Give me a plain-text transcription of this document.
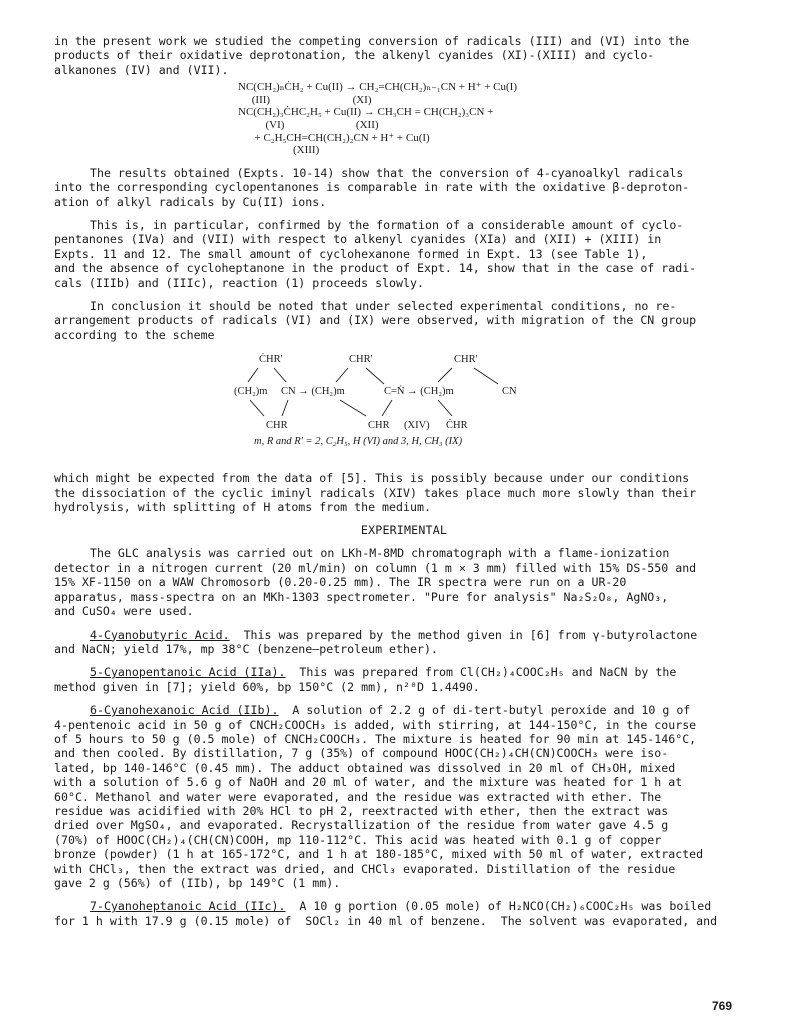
in the present work we studied the competing conversion of radicals (III) and (VI) into the
products of their oxidative deprotonation, the alkenyl cyanides (XI)-(XIII) and cyclo-
alkanones (IV) and (VII).

NC(CH₂)ₙĊH₂ + Cu(II) → CH₂=CH(CH₂)ₙ₋₁CN + H⁺ + Cu(I)
(III)                              (XI)
NC(CH₂)₃ĊHC₂H₅ + Cu(II) → CH₃CH = CH(CH₂)₃CN +
(VI)                          (XII)
+ C₂H₅CH=CH(CH₂)₂CN + H⁺ + Cu(I)
(XIII)

The results obtained (Expts. 10-14) show that the conversion of 4-cyanoalkyl radicals
into the corresponding cyclopentanones is comparable in rate with the oxidative β-deproton-
ation of alkyl radicals by Cu(II) ions.

This is, in particular, confirmed by the formation of a considerable amount of cyclo-
pentanones (IVa) and (VII) with respect to alkenyl cyanides (XIa) and (XII) + (XIII) in
Expts. 11 and 12. The small amount of cyclohexanone formed in Expt. 13 (see Table 1),
and the absence of cycloheptanone in the product of Expt. 14, show that in the case of radi-
cals (IIIb) and (IIIc), reaction (1) proceeds slowly.

In conclusion it should be noted that under selected experimental conditions, no re-
arrangement products of radicals (VI) and (IX) were observed, with migration of the CN group
according to the scheme

ĊHR'
(CH₂)m CN → (CH₂)m
CHR
CHR'
C=Ṅ → (CH₂)m
CHR (XIV)
CHR'
CN
ĊHR
m, R and R' = 2, C₂H₅, H (VI) and 3, H, CH₃ (IX)

which might be expected from the data of [5]. This is possibly because under our conditions
the dissociation of the cyclic iminyl radicals (XIV) takes place much more slowly than their
hydrolysis, with splitting of H atoms from the medium.

EXPERIMENTAL

The GLC analysis was carried out on LKh-M-8MD chromatograph with a flame-ionization
detector in a nitrogen current (20 ml/min) on column (1 m × 3 mm) filled with 15% DS-550 and
15% XF-1150 on a WAW Chromosorb (0.20-0.25 mm). The IR spectra were run on a UR-20
apparatus, mass-spectra on an MKh-1303 spectrometer. "Pure for analysis" Na₂S₂O₈, AgNO₃,
and CuSO₄ were used.

4-Cyanobutyric Acid.  This was prepared by the method given in [6] from γ-butyrolactone
and NaCN; yield 17%, mp 38°C (benzene—petroleum ether).

5-Cyanopentanoic Acid (IIa).  This was prepared from Cl(CH₂)₄COOC₂H₅ and NaCN by the
method given in [7]; yield 60%, bp 150°C (2 mm), n²⁰D 1.4490.

6-Cyanohexanoic Acid (IIb).  A solution of 2.2 g of di-tert-butyl peroxide and 10 g of
4-pentenoic acid in 50 g of CNCH₂COOCH₃ is added, with stirring, at 144-150°C, in the course
of 5 hours to 50 g (0.5 mole) of CNCH₂COOCH₃. The mixture is heated for 90 min at 145-146°C,
and then cooled. By distillation, 7 g (35%) of compound HOOC(CH₂)₄CH(CN)COOCH₃ were iso-
lated, bp 140-146°C (0.45 mm). The adduct obtained was dissolved in 20 ml of CH₃OH, mixed
with a solution of 5.6 g of NaOH and 20 ml of water, and the mixture was heated for 1 h at
60°C. Methanol and water were evaporated, and the residue was extracted with ether. The
residue was acidified with 20% HCl to pH 2, reextracted with ether, then the extract was
dried over MgSO₄, and evaporated. Recrystallization of the residue from water gave 4.5 g
(70%) of HOOC(CH₂)₄(CH(CN)COOH, mp 110-112°C. This acid was heated with 0.1 g of copper
bronze (powder) (1 h at 165-172°C, and 1 h at 180-185°C, mixed with 50 ml of water, extracted
with CHCl₃, then the extract was dried, and CHCl₃ evaporated. Distillation of the residue
gave 2 g (56%) of (IIb), bp 149°C (1 mm).

7-Cyanoheptanoic Acid (IIc).  A 10 g portion (0.05 mole) of H₂NCO(CH₂)₆COOC₂H₅ was boiled
for 1 h with 17.9 g (0.15 mole) of  SOCl₂ in 40 ml of benzene.  The solvent was evaporated, and

769
